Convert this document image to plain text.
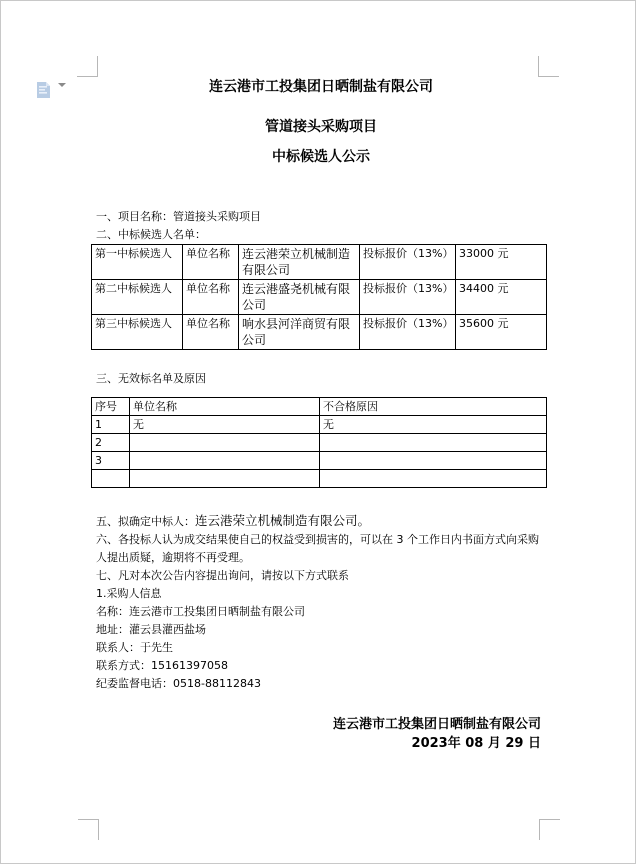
连云港市工投集团日晒制盐有限公司
管道接头采购项目
中标候选人公示

一、项目名称：管道接头采购项目

二、中标候选人名单：

第一中标候选人	单位名称	连云港荣立机械制造有限公司	投标报价（13%）	33000 元
第二中标候选人	单位名称	连云港盛尧机械有限公司	投标报价（13%）	34400 元
第三中标候选人	单位名称	响水县河洋商贸有限公司	投标报价（13%）	35600 元

三、无效标名单及原因

序号	单位名称	不合格原因
1	无	无
2		
3		

五、拟确定中标人：连云港荣立机械制造有限公司。

六、各投标人认为成交结果使自己的权益受到损害的，可以在 3 个工作日内书面方式向采购人提出质疑，逾期将不再受理。

七、凡对本次公告内容提出询问，请按以下方式联系

1.采购人信息

名称：连云港市工投集团日晒制盐有限公司

地址：灌云县灌西盐场

联系人：于先生

联系方式：15161397058

纪委监督电话：0518-88112843

连云港市工投集团日晒制盐有限公司

2023年 08 月 29 日
